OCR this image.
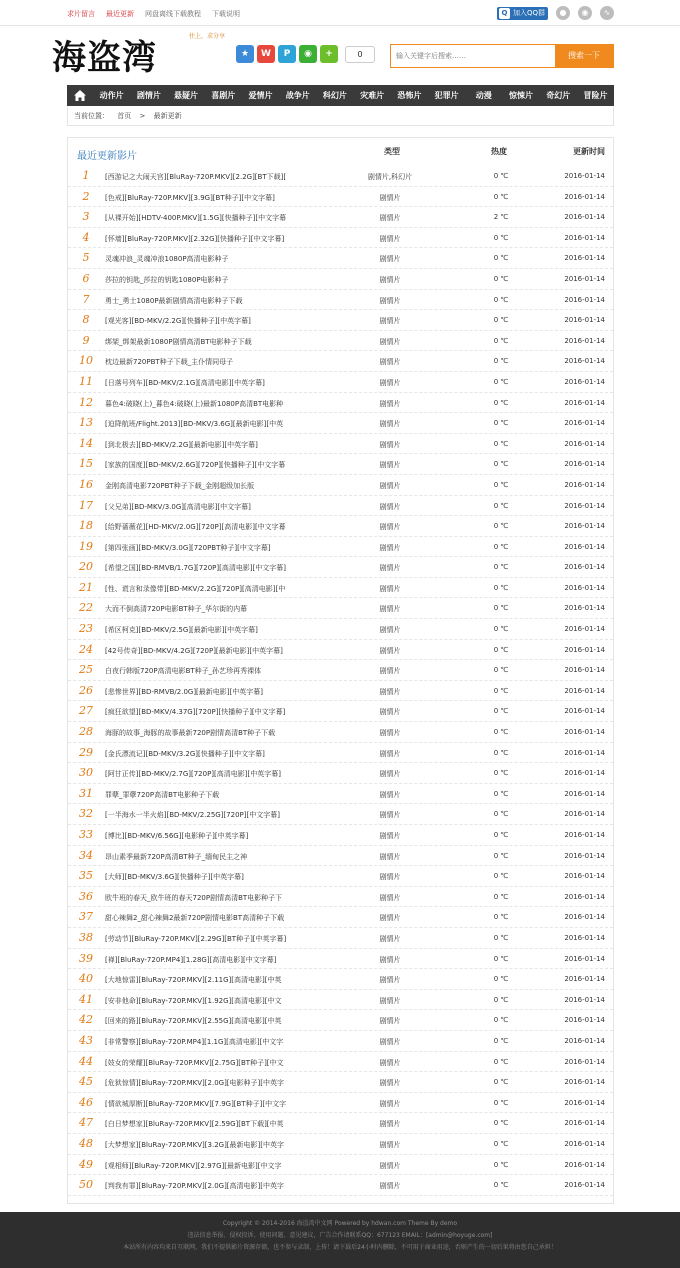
求片留言 最近更新 网盘离线下载教程 下载说明	Q 加入QQ群	●	◉	∿
海盗湾
往上，求分享
★	W	P	◉	+	0
输入关键字后搜索……	搜索一下
动作片	剧情片	悬疑片	喜剧片	爱情片	战争片	科幻片	灾难片	恐怖片	犯罪片	动漫	惊悚片	奇幻片	冒险片
当前位置： 首页 > 最新更新
最近更新影片	类型	热度	更新时间
1	[西游记之大闹天宫][BluRay-720P.MKV][2.2G][BT下载][	剧情片,科幻片	0 ℃	2016-01-14
2	[色戒][BluRay-720P.MKV][3.9G][BT种子][中文字幕]	剧情片	0 ℃	2016-01-14
3	[从裸开始][HDTV-400P.MKV][1.5G][快播种子][中文字幕	剧情片	2 ℃	2016-01-14
4	[怀墙][BluRay-720P.MKV][2.32G][快播种子][中文字幕]	剧情片	0 ℃	2016-01-14
5	灵魂冲浪_灵魂冲浪1080P高清电影种子	剧情片	0 ℃	2016-01-14
6	莎拉的钥匙_莎拉的钥匙1080P电影种子	剧情片	0 ℃	2016-01-14
7	勇士_勇士1080P最新剧情高清电影种子下载	剧情片	0 ℃	2016-01-14
8	[观光客][BD-MKV/2.2G][快播种子][中英字幕]	剧情片	0 ℃	2016-01-14
9	绑架_绑架最新1080P剧情高清BT电影种子下载	剧情片	0 ℃	2016-01-14
10	枕边最新720PBT种子下载_主仆情同母子	剧情片	0 ℃	2016-01-14
11	[日落号列车][BD-MKV/2.1G][高清电影][中英字幕]	剧情片	0 ℃	2016-01-14
12	暮色4:破晓(上)_暮色4:破晓(上)最新1080P高清BT电影种	剧情片	0 ℃	2016-01-14
13	[迫降航班/Flight.2013][BD-MKV/3.6G][最新电影][中英	剧情片	0 ℃	2016-01-14
14	[到北极去][BD-MKV/2.2G][最新电影][中英字幕]	剧情片	0 ℃	2016-01-14
15	[家族的国度][BD-MKV/2.6G][720P][快播种子][中文字幕	剧情片	0 ℃	2016-01-14
16	金刚高清电影720PBT种子下载_金刚超级加长版	剧情片	0 ℃	2016-01-14
17	[父兄弟][BD-MKV/3.0G][高清电影][中文字幕]	剧情片	0 ℃	2016-01-14
18	[给野蔷薇花][HD-MKV/2.0G][720P][高清电影][中文字幕	剧情片	0 ℃	2016-01-14
19	[第四张画][BD-MKV/3.0G][720PBT种子][中文字幕]	剧情片	0 ℃	2016-01-14
20	[希望之国][BD-RMVB/1.7G][720P][高清电影][中文字幕]	剧情片	0 ℃	2016-01-14
21	[性、谎言和录像带][BD-MKV/2.2G][720P][高清电影][中	剧情片	0 ℃	2016-01-14
22	大而不倒高清720P电影BT种子_华尔街的内幕	剧情片	0 ℃	2016-01-14
23	[希区柯克][BD-MKV/2.5G][最新电影][中英字幕]	剧情片	0 ℃	2016-01-14
24	[42号传奇][BD-MKV/4.2G][720P][最新电影][中英字幕]	剧情片	0 ℃	2016-01-14
25	白夜行韩版720P高清电影BT种子_孙艺珍再秀裸体	剧情片	0 ℃	2016-01-14
26	[悲惨世界][BD-RMVB/2.0G][最新电影][中英字幕]	剧情片	0 ℃	2016-01-14
27	[疯狂欲望][BD-MKV/4.37G][720P][快播种子][中文字幕]	剧情片	0 ℃	2016-01-14
28	海豚的故事_海豚的故事最新720P剧情高清BT种子下载	剧情片	0 ℃	2016-01-14
29	[金氏漂流记][BD-MKV/3.2G][快播种子][中文字幕]	剧情片	0 ℃	2016-01-14
30	[阿甘正传][BD-MKV/2.7G][720P][高清电影][中英字幕]	剧情片	0 ℃	2016-01-14
31	罪孽_罪孽720P高清BT电影种子下载	剧情片	0 ℃	2016-01-14
32	[一半海水一半火焰][BD-MKV/2.25G][720P][中文字幕]	剧情片	0 ℃	2016-01-14
33	[博比][BD-MKV/6.56G][电影种子][中英字幕]	剧情片	0 ℃	2016-01-14
34	昂山素季最新720P高清BT种子_缅甸民主之神	剧情片	0 ℃	2016-01-14
35	[大师][BD-MKV/3.6G][快播种子][中英字幕]	剧情片	0 ℃	2016-01-14
36	欧牛班的春天_欧牛班的春天720P剧情高清BT电影种子下	剧情片	0 ℃	2016-01-14
37	甜心辣舞2_甜心辣舞2最新720P剧情电影BT高清种子下载	剧情片	0 ℃	2016-01-14
38	[劳动节][BluRay-720P.MKV][2.29G][BT种子][中英字幕]	剧情片	0 ℃	2016-01-14
39	[禅][BluRay-720P.MP4][1.28G][高清电影][中文字幕]	剧情片	0 ℃	2016-01-14
40	[大地惊雷][BluRay-720P.MKV][2.11G][高清电影][中英	剧情片	0 ℃	2016-01-14
41	[安非他命][BluRay-720P.MKV][1.92G][高清电影][中文	剧情片	0 ℃	2016-01-14
42	[回来的路][BluRay-720P.MKV][2.55G][高清电影][中英	剧情片	0 ℃	2016-01-14
43	[非常警察][BluRay-720P.MP4][1.1G][高清电影][中文字	剧情片	0 ℃	2016-01-14
44	[妓女的荣耀][BluRay-720P.MKV][2.75G][BT种子][中文	剧情片	0 ℃	2016-01-14
45	[危狱惊情][BluRay-720P.MKV][2.0G][电影种子][中英字	剧情片	0 ℃	2016-01-14
46	[情欲城厚断][BluRay-720P.MKV][7.9G][BT种子][中文字	剧情片	0 ℃	2016-01-14
47	[白日梦想家][BluRay-720P.MKV][2.59G][BT下载][中英	剧情片	0 ℃	2016-01-14
48	[大梦想家][BluRay-720P.MKV][3.2G][最新电影][中英字	剧情片	0 ℃	2016-01-14
49	[观相师][BluRay-720P.MKV][2.97G][最新电影][中文字	剧情片	0 ℃	2016-01-14
50	[判我有罪][BluRay-720P.MKV][2.0G][高清电影][中英字	剧情片	0 ℃	2016-01-14

Copyright © 2014-2016 海盗湾中文网 Powered by hdwan.com Theme By demo

违法信息举报、侵权投诉、使用问题、意见建议，广告合作请联系QQ：677123 EMAIL：[admin@hoyuge.com]

本站所有内容均来自互联网，我们不提供影片资源存储，也不参与录制、上传！请下载后24小时内删除，不可用于商业用途，否则产生的一切后果将由您自己承担！
